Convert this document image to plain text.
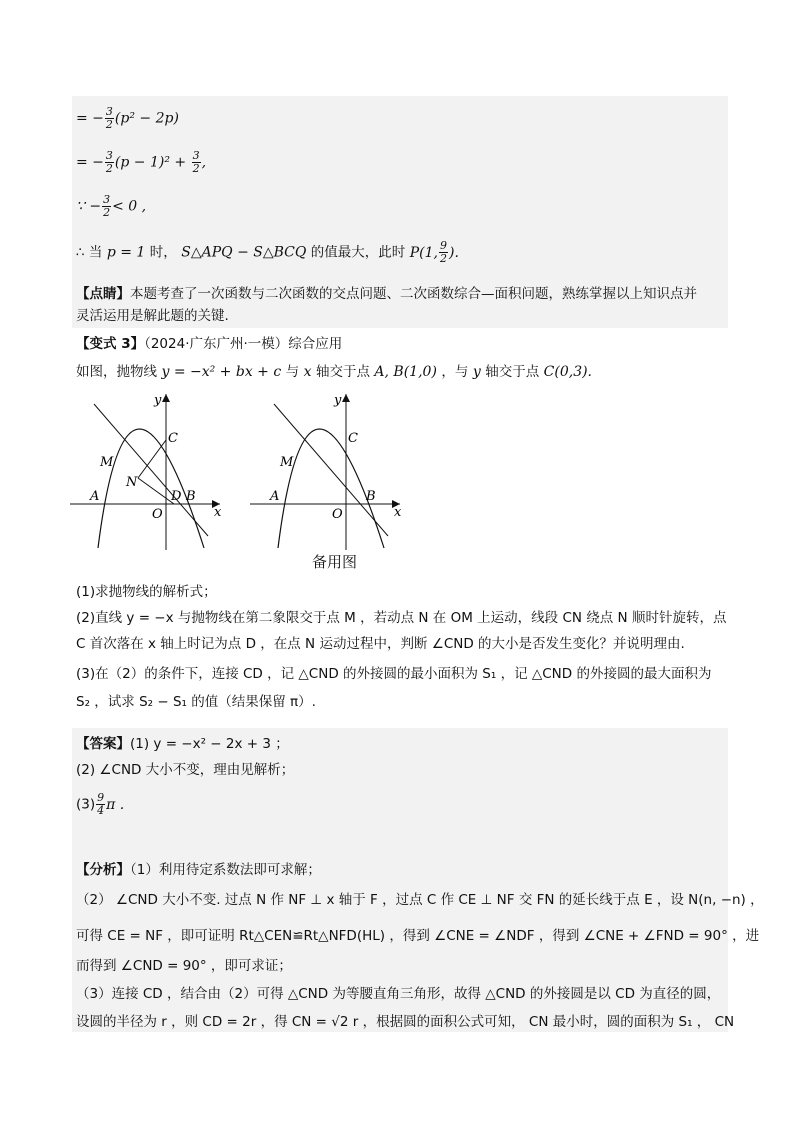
= − $\frac{3}{2} (p^2 - 2p)$
= − $\frac{3}{2} (p - 1)^2 + \frac{3}{2}$ ,
∵ − $\frac{3}{2} < 0$ ,
∴ 当 p = 1 时， S△APQ − S△BCQ 的值最大，此时 P(1, $\frac{9}{2}$ ).
【点睛】本题考查了一次函数与二次函数的交点问题、二次函数综合—面积问题，熟练掌握以上知识点并
灵活运用是解此题的关键.
【变式 3】（2024·广东广州·一模）综合应用
如图，抛物线 y = −x² + bx + c 与 x 轴交于点 A, B(1,0) ，与 y 轴交于点 C(0,3).
y
C
M
N
A	D B
O	x
y
C
M
A	B
O	x
备用图
(1)求抛物线的解析式；
(2)直线 y = −x 与抛物线在第二象限交于点 M ，若动点 N 在 OM 上运动，线段 CN 绕点 N 顺时针旋转，点
C 首次落在 x 轴上时记为点 D ，在点 N 运动过程中，判断 ∠CND 的大小是否发生变化？并说明理由.
(3)在（2）的条件下，连接 CD ，记 △CND 的外接圆的最小面积为 S₁ ，记 △CND 的外接圆的最大面积为
S₂ ，试求 S₂ − S₁ 的值（结果保留 π）.
【答案】(1) y = −x² − 2x + 3 ；
(2) ∠CND 大小不变，理由见解析；
$(3) \frac{9}{4}$ π .
【分析】（1）利用待定系数法即可求解；
（2） ∠CND 大小不变. 过点 N 作 NF ⊥ x 轴于 F ，过点 C 作 CE ⊥ NF 交 FN 的延长线于点 E ，设 N(n, −n) ，
可得 CE = NF ，即可证明 Rt△CEN≌Rt△NFD(HL) ，得到 ∠CNE = ∠NDF ，得到 ∠CNE + ∠FND = 90° ，进
而得到 ∠CND = 90° ，即可求证；
（3）连接 CD ，结合由（2）可得 △CND 为等腰直角三角形，故得 △CND 的外接圆是以 CD 为直径的圆，
设圆的半径为 r ，则 CD = 2r ，得 CN = √2 r ，根据圆的面积公式可知， CN 最小时，圆的面积为 S₁ ， CN
